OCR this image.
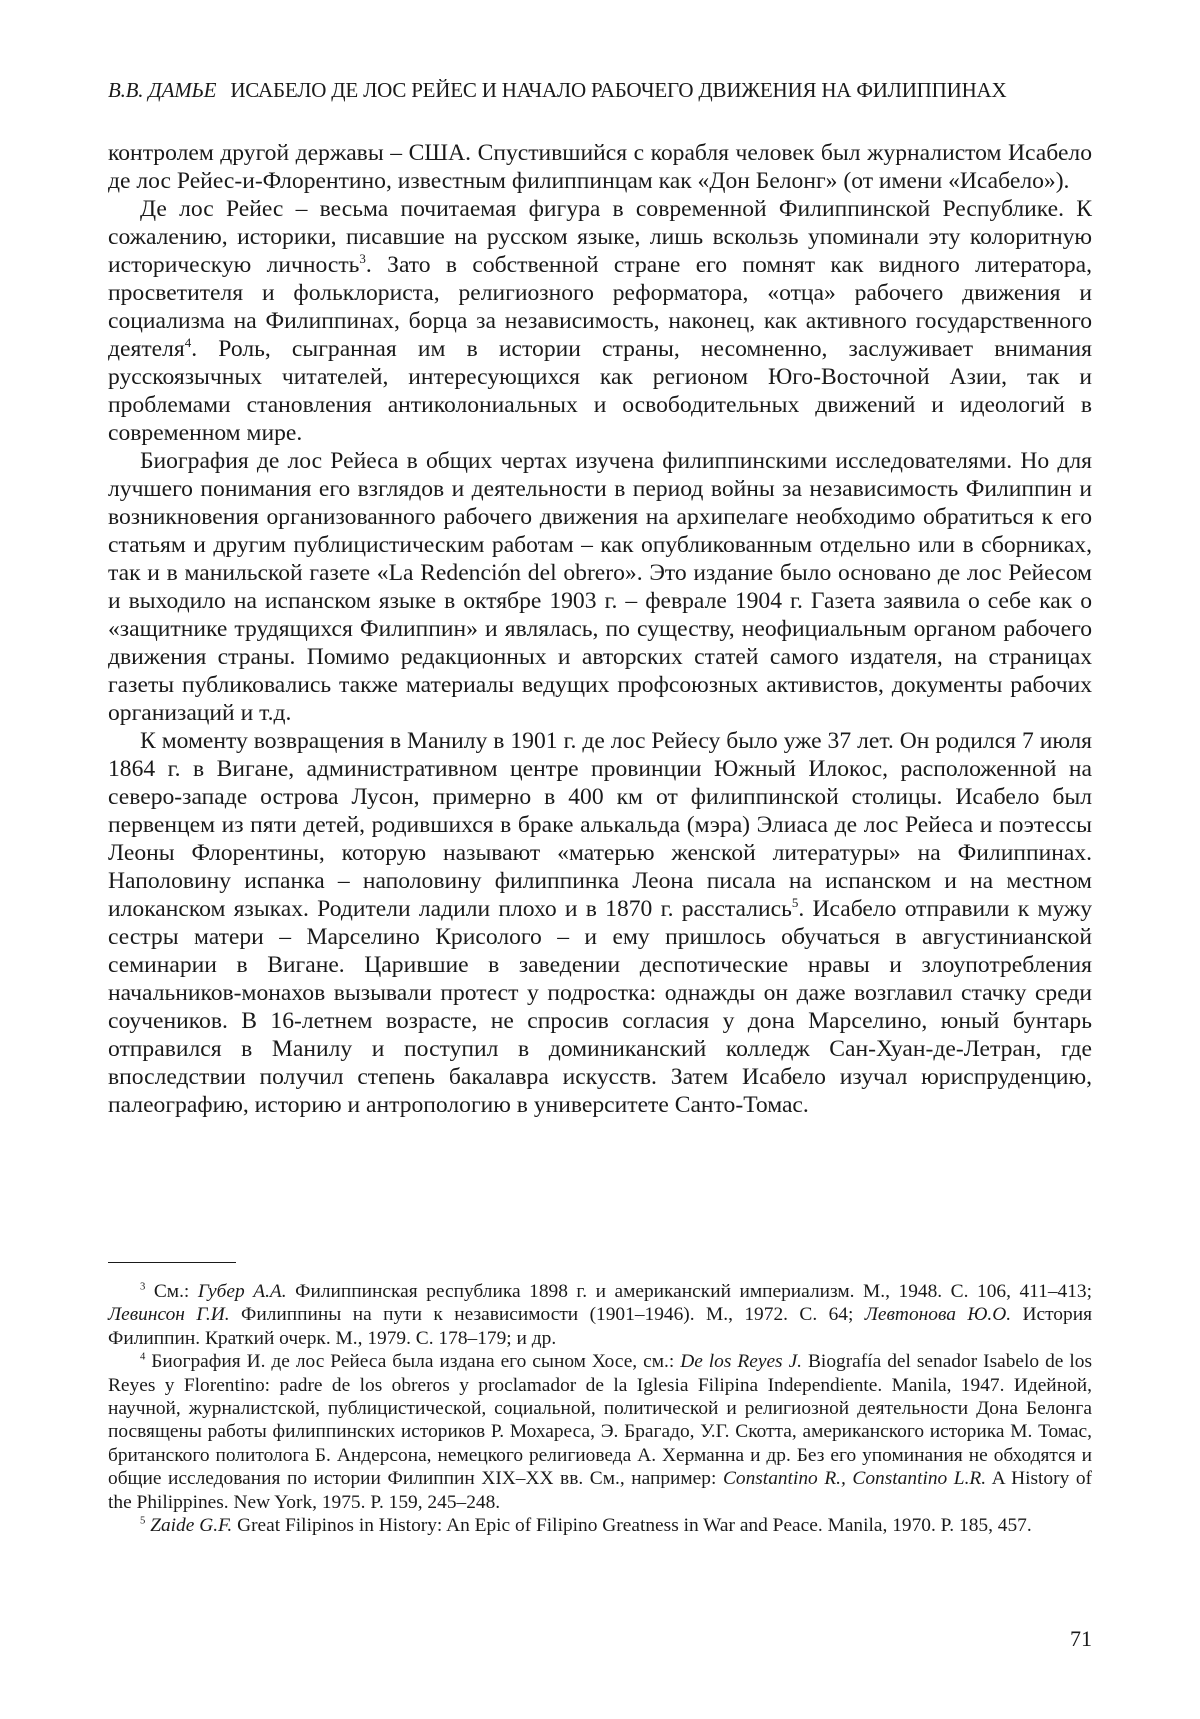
В.В. ДАМЬЕ ИСАБЕЛО ДЕ ЛОС РЕЙЕС И НАЧАЛО РАБОЧЕГО ДВИЖЕНИЯ НА ФИЛИППИНАХ

контролем другой державы – США. Спустившийся с корабля человек был журналистом Исабело де лос Рейес-и-Флорентино, известным филиппинцам как «Дон Белонг» (от имени «Исабело»).

Де лос Рейес – весьма почитаемая фигура в современной Филиппинской Республике. К сожалению, историки, писавшие на русском языке, лишь вскользь упоминали эту колоритную историческую личность$^3$. Зато в собственной стране его помнят как видного литератора, просветителя и фольклориста, религиозного реформатора, «отца» рабочего движения и социализма на Филиппинах, борца за независимость, наконец, как активного государственного деятеля$^4$. Роль, сыгранная им в истории страны, несомненно, заслуживает внимания русскоязычных читателей, интересующихся как регионом Юго-Восточной Азии, так и проблемами становления антиколониальных и освободительных движений и идеологий в современном мире.

Биография де лос Рейеса в общих чертах изучена филиппинскими исследователями. Но для лучшего понимания его взглядов и деятельности в период войны за независимость Филиппин и возникновения организованного рабочего движения на архипелаге необходимо обратиться к его статьям и другим публицистическим работам – как опубликованным отдельно или в сборниках, так и в манильской газете «La Redención del obrero». Это издание было основано де лос Рейесом и выходило на испанском языке в октябре 1903 г. – феврале 1904 г. Газета заявила о себе как о «защитнике трудящихся Филиппин» и являлась, по существу, неофициальным органом рабочего движения страны. Помимо редакционных и авторских статей самого издателя, на страницах газеты публиковались также материалы ведущих профсоюзных активистов, документы рабочих организаций и т.д.

К моменту возвращения в Манилу в 1901 г. де лос Рейесу было уже 37 лет. Он родился 7 июля 1864 г. в Вигане, административном центре провинции Южный Илокос, расположенной на северо-западе острова Лусон, примерно в 400 км от филиппинской столицы. Исабело был первенцем из пяти детей, родившихся в браке алькальда (мэра) Элиаса де лос Рейеса и поэтессы Леоны Флорентины, которую называют «матерью женской литературы» на Филиппинах. Наполовину испанка – наполовину филиппинка Леона писала на испанском и на местном илоканском языках. Родители ладили плохо и в 1870 г. расстались$^5$. Исабело отправили к мужу сестры матери – Марселино Крисолого – и ему пришлось обучаться в августинианской семинарии в Вигане. Царившие в заведении деспотические нравы и злоупотребления начальников-монахов вызывали протест у подростка: однажды он даже возглавил стачку среди соучеников. В 16-летнем возрасте, не спросив согласия у дона Марселино, юный бунтарь отправился в Манилу и поступил в доминиканский колледж Сан-Хуан-де-Летран, где впоследствии получил степень бакалавра искусств. Затем Исабело изучал юриспруденцию, палеографию, историю и антропологию в университете Санто-Томас.

$^3$ См.: Губер А.А. Филиппинская республика 1898 г. и американский империализм. М., 1948. С. 106, 411–413; Левинсон Г.И. Филиппины на пути к независимости (1901–1946). М., 1972. С. 64; Левтонова Ю.О. История Филиппин. Краткий очерк. М., 1979. С. 178–179; и др.

$^4$ Биография И. де лос Рейеса была издана его сыном Хосе, см.: De los Reyes J. Biografía del senador Isabelo de los Reyes y Florentino: padre de los obreros y proclamador de la Iglesia Filipina Independiente. Manila, 1947. Идейной, научной, журналистской, публицистической, социальной, политической и религиозной деятельности Дона Белонга посвящены работы филиппинских историков Р. Мохареса, Э. Брагадо, У.Г. Скотта, американского историка М. Томас, британского политолога Б. Андерсона, немецкого религиоведа А. Херманна и др. Без его упоминания не обходятся и общие исследования по истории Филиппин XIX–XX вв. См., например: Constantino R., Constantino L.R. A History of the Philippines. New York, 1975. P. 159, 245–248.

$^5$ Zaide G.F. Great Filipinos in History: An Epic of Filipino Greatness in War and Peace. Manila, 1970. P. 185, 457.

71
